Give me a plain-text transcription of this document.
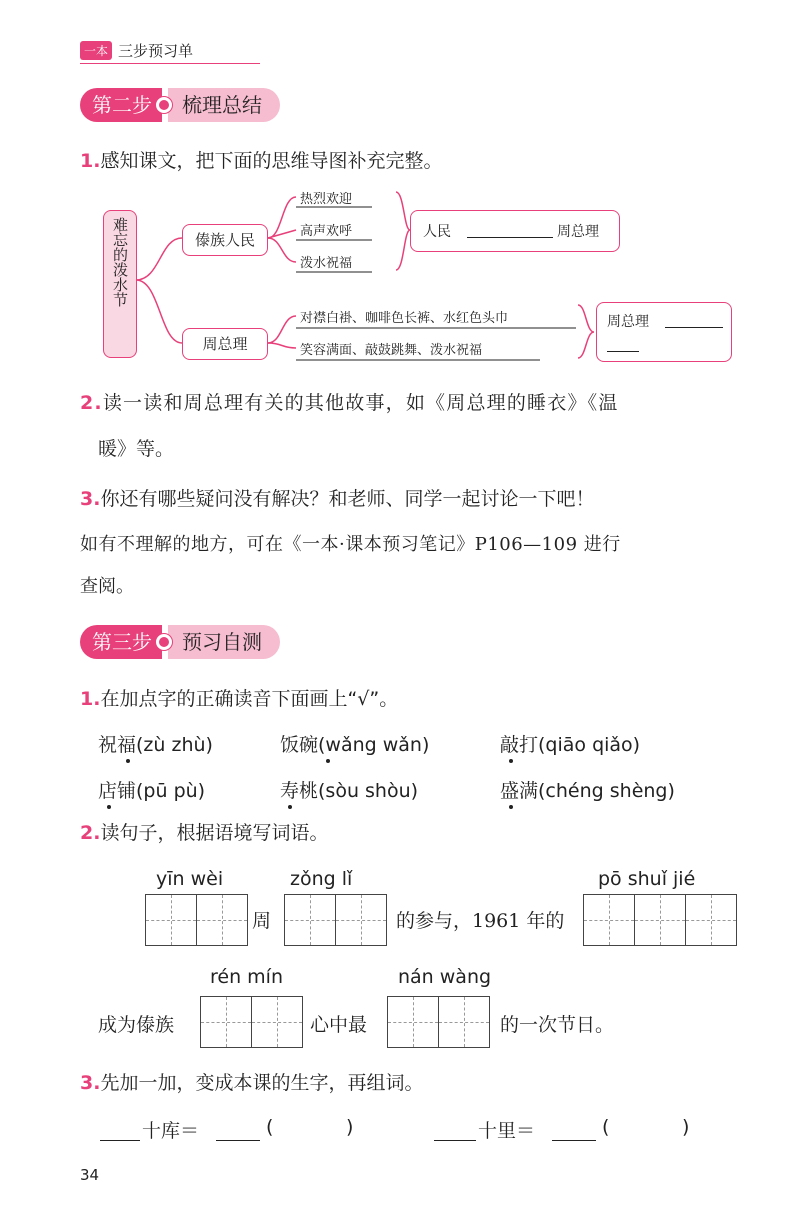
一本 三步预习单
第二步	梳理总结
1.感知课文，把下面的思维导图补充完整。
难忘的泼水节	傣族人民
热烈欢迎
高声欢呼
泼水祝福
人民	周总理
周总理
对襟白褂、咖啡色长裤、水红色头巾
笑容满面、敲鼓跳舞、泼水祝福
周总理
2.读一读和周总理有关的其他故事，如《周总理的睡衣》《温
暖》等。
3.你还有哪些疑问没有解决？和老师、同学一起讨论一下吧！
如有不理解的地方，可在《一本·课本预习笔记》P106—109 进行
查阅。
第三步	预习自测
1.在加点字的正确读音下面画上“√”。
祝福(zù zhù)	饭碗(wǎng wǎn)	敲打(qiāo qiǎo)
店铺(pū pù)	寿桃(sòu shòu)	盛满(chéng shèng)
2.读句子，根据语境写词语。
yīn wèi	zǒng lǐ	pō shuǐ jié
周	的参与，1961 年的
rén mín	nán wàng
成为傣族	心中最	的一次节日。
3.先加一加，变成本课的生字，再组词。
十库＝	(	)	十里＝	(	)
34
